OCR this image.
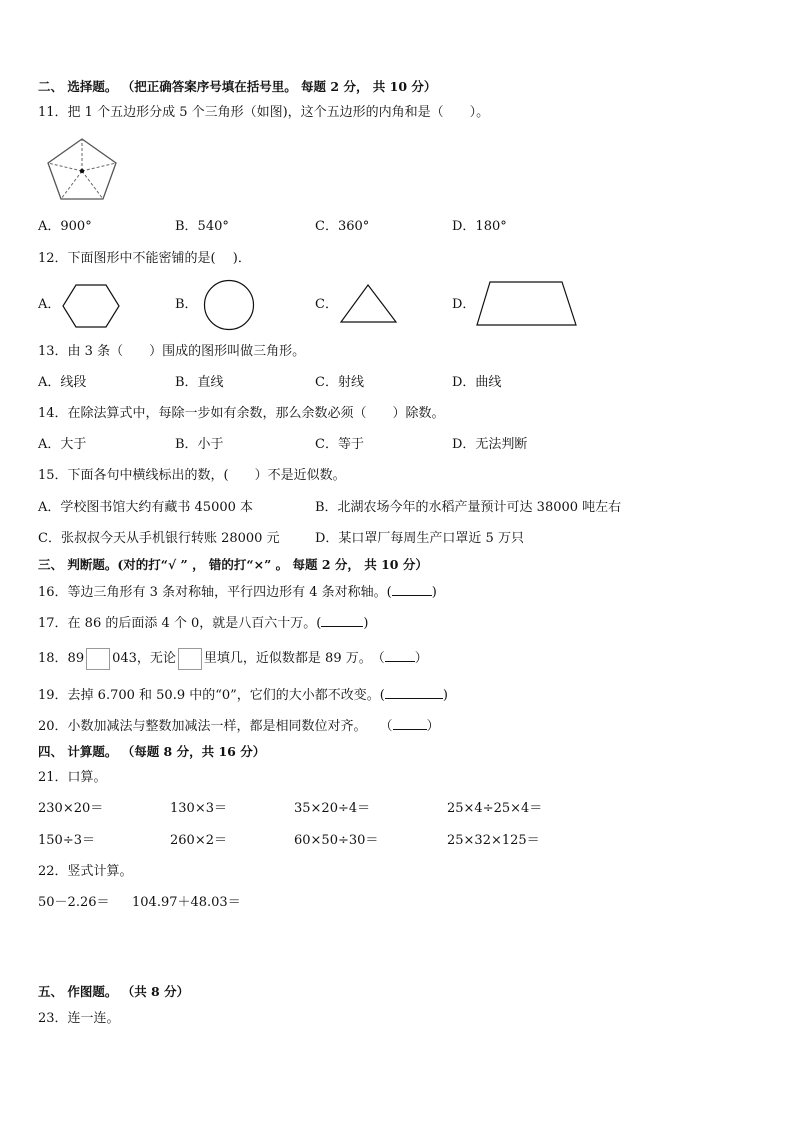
二、 选择题。 （把正确答案序号填在括号里。 每题 2 分， 共 10 分）
11．把 1 个五边形分成 5 个三角形（如图)，这个五边形的内角和是（　　）。
A．900°	B．540°	C．360°	D．180°
12．下面图形中不能密铺的是(　 )．
A．	B．	C．	D．
13．由 3 条（　　）围成的图形叫做三角形。
A．线段	B．直线	C．射线	D．曲线
14．在除法算式中，每除一步如有余数，那么余数必须（　　）除数。
A．大于	B．小于	C．等于	D．无法判断
15．下面各句中横线标出的数，(　　）不是近似数。
A．学校图书馆大约有藏书 45000 本	B．北湖农场今年的水稻产量预计可达 38000 吨左右
C．张叔叔今天从手机银行转账 28000 元	D．某口罩厂每周生产口罩近 5 万只
三、 判断题。(对的打“√ ” ， 错的打“×” 。 每题 2 分， 共 10 分）
16．等边三角形有 3 条对称轴，平行四边形有 4 条对称轴。(	)
17．在 86 的后面添 4 个 0，就是八百六十万。(	)
18．89 043，无论 里填几，近似数都是 89 万。　（ ）
19．去掉 6.700 和 50.9 中的“0”，它们的大小都不改变。(	)
20．小数加减法与整数加减法一样，都是相同数位对齐。　　（	）
四、 计算题。 （每题 8 分，共 16 分）
21．口算。
230×20＝	130×3＝	35×20÷4＝	25×4÷25×4＝
150÷3＝	260×2＝	60×50÷30＝	25×32×125＝
22．竖式计算。
50－2.26＝ 104.97＋48.03＝
五、 作图题。 （共 8 分）
23．连一连。
